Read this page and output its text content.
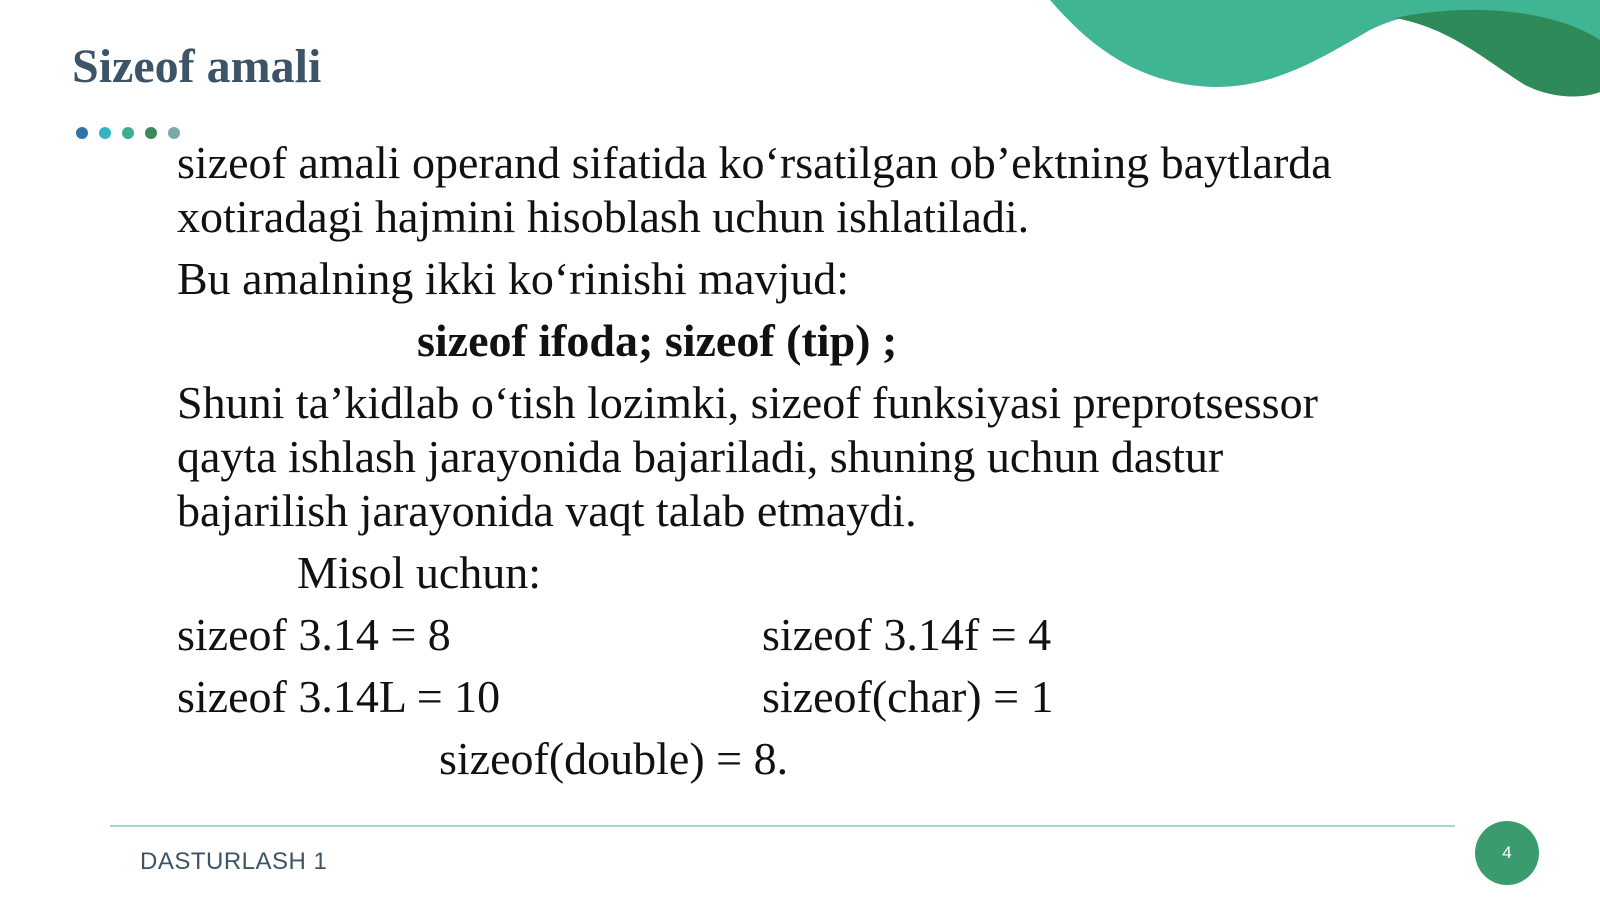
Sizeof amali
sizeof amali operand sifatida ko‘rsatilgan ob’ektning baytlarda
xotiradagi hajmini hisoblash uchun ishlatiladi.
Bu amalning ikki ko‘rinishi mavjud:
sizeof ifoda; sizeof (tip) ;
Shuni ta’kidlab o‘tish lozimki, sizeof funksiyasi preprotsessor
qayta ishlash jarayonida bajariladi, shuning uchun dastur
bajarilish jarayonida vaqt talab etmaydi.
Misol uchun:
sizeof 3.14 = 8	sizeof 3.14f = 4
sizeof 3.14L = 10	sizeof(char) = 1
sizeof(double) = 8.
DASTURLASH 1	4
